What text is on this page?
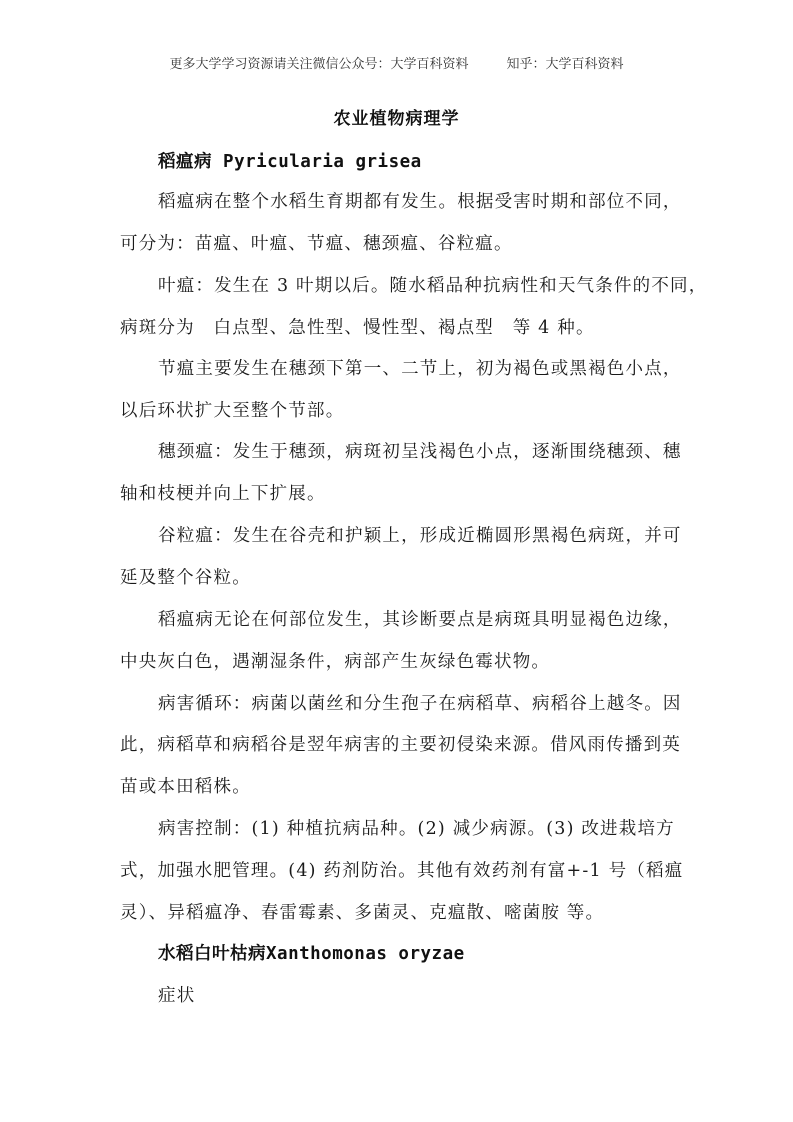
更多大学学习资源请关注微信公众号：大学百科资料	知乎：大学百科资料
农业植物病理学
稻瘟病 Pyricularia grisea
稻瘟病在整个水稻生育期都有发生。根据受害时期和部位不同，
可分为：苗瘟、叶瘟、节瘟、穗颈瘟、谷粒瘟。
叶瘟：发生在 3 叶期以后。随水稻品种抗病性和天气条件的不同，
病斑分为　白点型、急性型、慢性型、褐点型　等 4 种。
节瘟主要发生在穗颈下第一、二节上，初为褐色或黑褐色小点，
以后环状扩大至整个节部。
穗颈瘟：发生于穗颈，病斑初呈浅褐色小点，逐渐围绕穗颈、穗
轴和枝梗并向上下扩展。
谷粒瘟：发生在谷壳和护颖上，形成近椭圆形黑褐色病斑，并可
延及整个谷粒。
稻瘟病无论在何部位发生，其诊断要点是病斑具明显褐色边缘，
中央灰白色，遇潮湿条件，病部产生灰绿色霉状物。
病害循环：病菌以菌丝和分生孢子在病稻草、病稻谷上越冬。因
此，病稻草和病稻谷是翌年病害的主要初侵染来源。借风雨传播到英
苗或本田稻株。
病害控制：(1) 种植抗病品种。(2) 减少病源。(3) 改进栽培方
式，加强水肥管理。(4) 药剂防治。其他有效药剂有富+-1 号（稻瘟
灵）、异稻瘟净、春雷霉素、多菌灵、克瘟散、嘧菌胺 等。
水稻白叶枯病Xanthomonas oryzae
症状
